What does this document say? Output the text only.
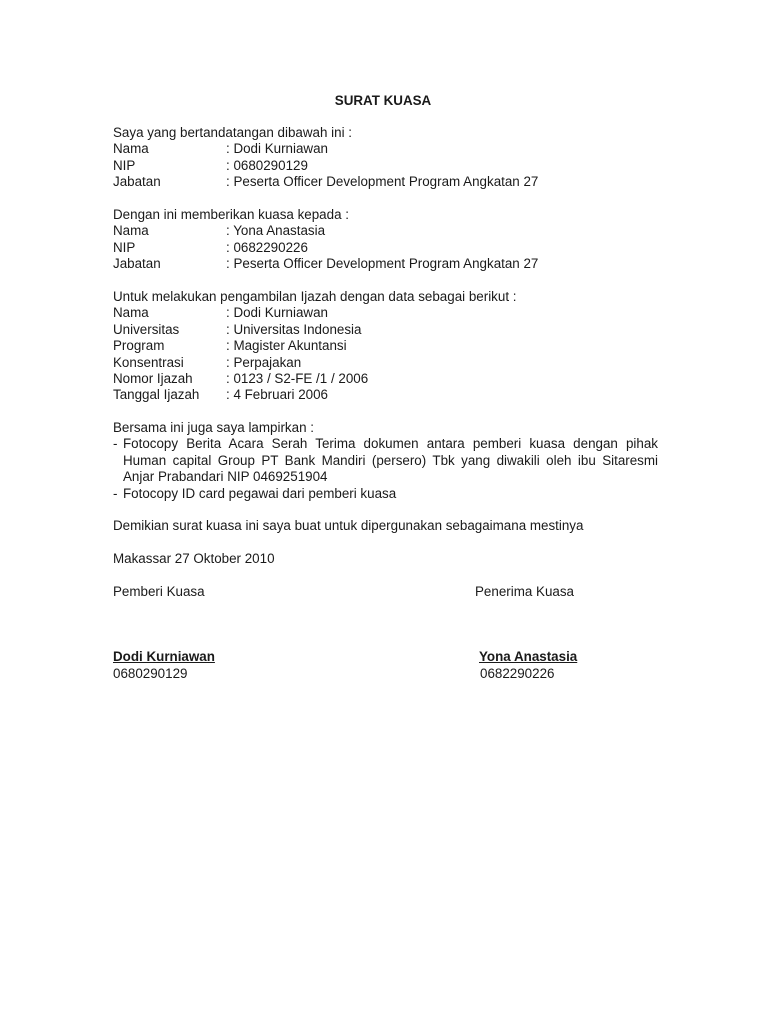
SURAT KUASA
Saya yang bertandatangan dibawah ini :
Nama	: Dodi Kurniawan
NIP	: 0680290129
Jabatan	: Peserta Officer Development Program Angkatan 27
Dengan ini memberikan kuasa kepada :
Nama	: Yona Anastasia
NIP	: 0682290226
Jabatan	: Peserta Officer Development Program Angkatan 27
Untuk melakukan pengambilan Ijazah dengan data sebagai berikut :
Nama	: Dodi Kurniawan
Universitas	: Universitas Indonesia
Program	: Magister Akuntansi
Konsentrasi	: Perpajakan
Nomor Ijazah	: 0123 / S2-FE /1 / 2006
Tanggal Ijazah	: 4 Februari 2006
Bersama ini juga saya lampirkan :
- Fotocopy Berita Acara Serah Terima dokumen antara pemberi kuasa dengan pihak Human capital Group PT Bank Mandiri (persero) Tbk yang diwakili oleh ibu Sitaresmi Anjar Prabandari NIP 0469251904
- Fotocopy ID card pegawai dari pemberi kuasa
Demikian surat kuasa ini saya buat untuk dipergunakan sebagaimana mestinya
Makassar 27 Oktober 2010
Pemberi Kuasa	Penerima Kuasa
Dodi Kurniawan	Yona Anastasia
0680290129	0682290226
